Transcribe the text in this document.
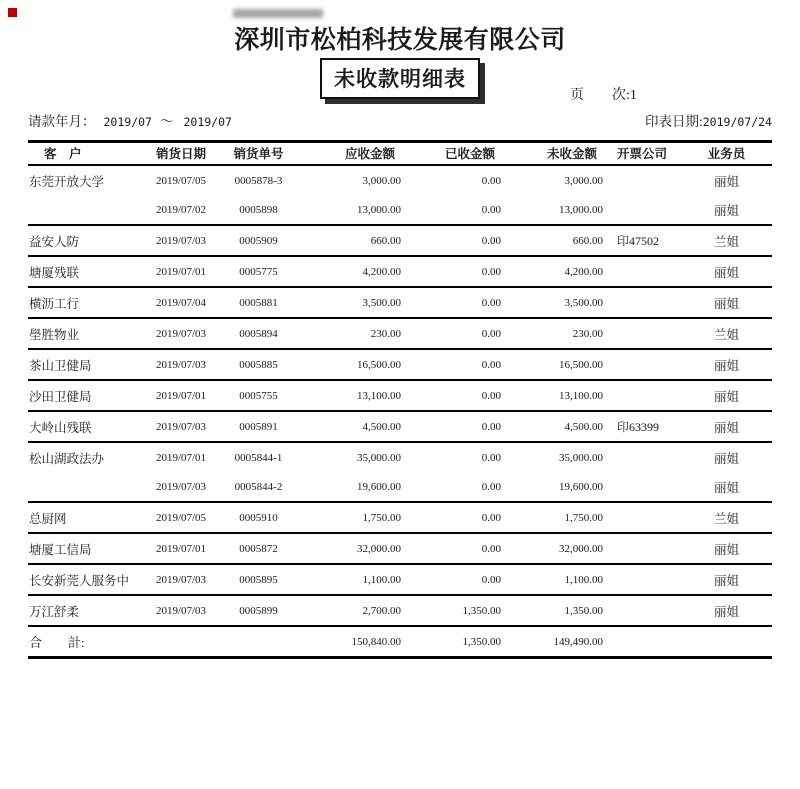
深圳市松柏科技发展有限公司
未收款明细表
页 次:1
请款年月： 2019/07 ～ 2019/07	印表日期:2019/07/24
客　户	销货日期	销货单号	应收金额	已收金额	未收金额	开票公司	业务员
东莞开放大学	2019/07/05	0005878-3	3,000.00	0.00	3,000.00		丽姐
	2019/07/02	0005898	13,000.00	0.00	13,000.00		丽姐
益安人防	2019/07/03	0005909	660.00	0.00	660.00	印47502	兰姐
塘厦残联	2019/07/01	0005775	4,200.00	0.00	4,200.00		丽姐
横沥工行	2019/07/04	0005881	3,500.00	0.00	3,500.00		丽姐
壆胜物业	2019/07/03	0005894	230.00	0.00	230.00		兰姐
茶山卫健局	2019/07/03	0005885	16,500.00	0.00	16,500.00		丽姐
沙田卫健局	2019/07/01	0005755	13,100.00	0.00	13,100.00		丽姐
大岭山残联	2019/07/03	0005891	4,500.00	0.00	4,500.00	印63399	丽姐
松山湖政法办	2019/07/01	0005844-1	35,000.00	0.00	35,000.00		丽姐
	2019/07/03	0005844-2	19,600.00	0.00	19,600.00		丽姐
总厨网	2019/07/05	0005910	1,750.00	0.00	1,750.00		兰姐
塘厦工信局	2019/07/01	0005872	32,000.00	0.00	32,000.00		丽姐
长安新莞人服务中	2019/07/03	0005895	1,100.00	0.00	1,100.00		丽姐
万江舒柔	2019/07/03	0005899	2,700.00	1,350.00	1,350.00		丽姐
合　　計:			150,840.00	1,350.00	149,490.00		
